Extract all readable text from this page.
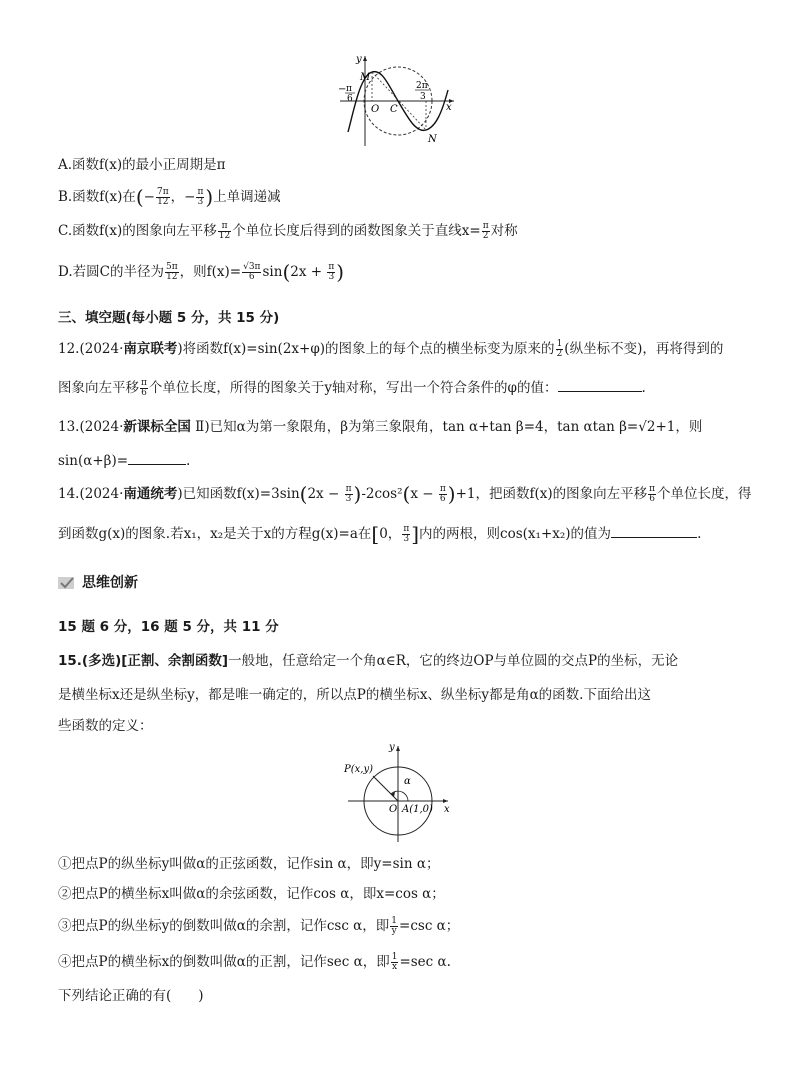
y
x
M
N
O C
− π
6
2π
3
A.函数f(x)的最小正周期是π
B.函数f(x)在(− $\frac{7\pi}{12}$ ，− $\frac{\pi}{3}$ )上单调递减
C.函数f(x)的图象向左平移 $\frac{\pi}{12}$ 个单位长度后得到的函数图象关于直线$x= \frac{\pi}{2}$ 对称
D.若圆C的半径为 $\frac{5\pi}{12}$ ，则$f(x)= \frac{√3\pi}{6} \sin(2x + \frac{\pi}{3}$ )
三、填空题(每小题 5 分，共 15 分)
12.(2024·南京联考)将函数f(x)=sin(2x+φ)的图象上的每个点的横坐标变为原来的 $\frac{1}{2}$ (纵坐标不变)，再将得到的
图象向左平移 $\frac{\pi}{6}$ 个单位长度，所得的图象关于y轴对称，写出一个符合条件的φ的值：	.
13.(2024·新课标全国 Ⅱ)已知α为第一象限角，β为第三象限角，tan α+tan β=4，tan αtan β=√2+1，则
sin(α+β)=	.
14.(2024·南通统考)已知函数$f(x)=3\sin(2x - \frac{\pi}{3} )-2\cos^2(x - \frac{\pi}{6} )+1$，把函数f(x)的图象向左平移 $\frac{\pi}{6}$ 个单位长度，得
到函数g(x)的图象.若x₁，x₂是关于x的方程g(x)=a在[0， $\frac{\pi}{3}$ ]内的两根，则cos(x₁+x₂)的值为	.
思维创新
15 题 6 分，16 题 5 分，共 11 分
15.(多选)[正割、余割函数]一般地，任意给定一个角α∈R，它的终边OP与单位圆的交点P的坐标，无论
是横坐标x还是纵坐标y，都是唯一确定的，所以点P的横坐标x、纵坐标y都是角α的函数.下面给出这
些函数的定义：
P(x,y)
α
O A(1,0) x
y
①把点P的纵坐标y叫做α的正弦函数，记作sin α，即y=sin α；
②把点P的横坐标x叫做α的余弦函数，记作cos α，即x=cos α；
③把点P的纵坐标y的倒数叫做α的余割，记作csc α，即 $\frac{1}{y} =\csc$ α；
④把点P的横坐标x的倒数叫做α的正割，记作sec α，即 $\frac{1}{x} =\sec$ α.
下列结论正确的有(　　)
